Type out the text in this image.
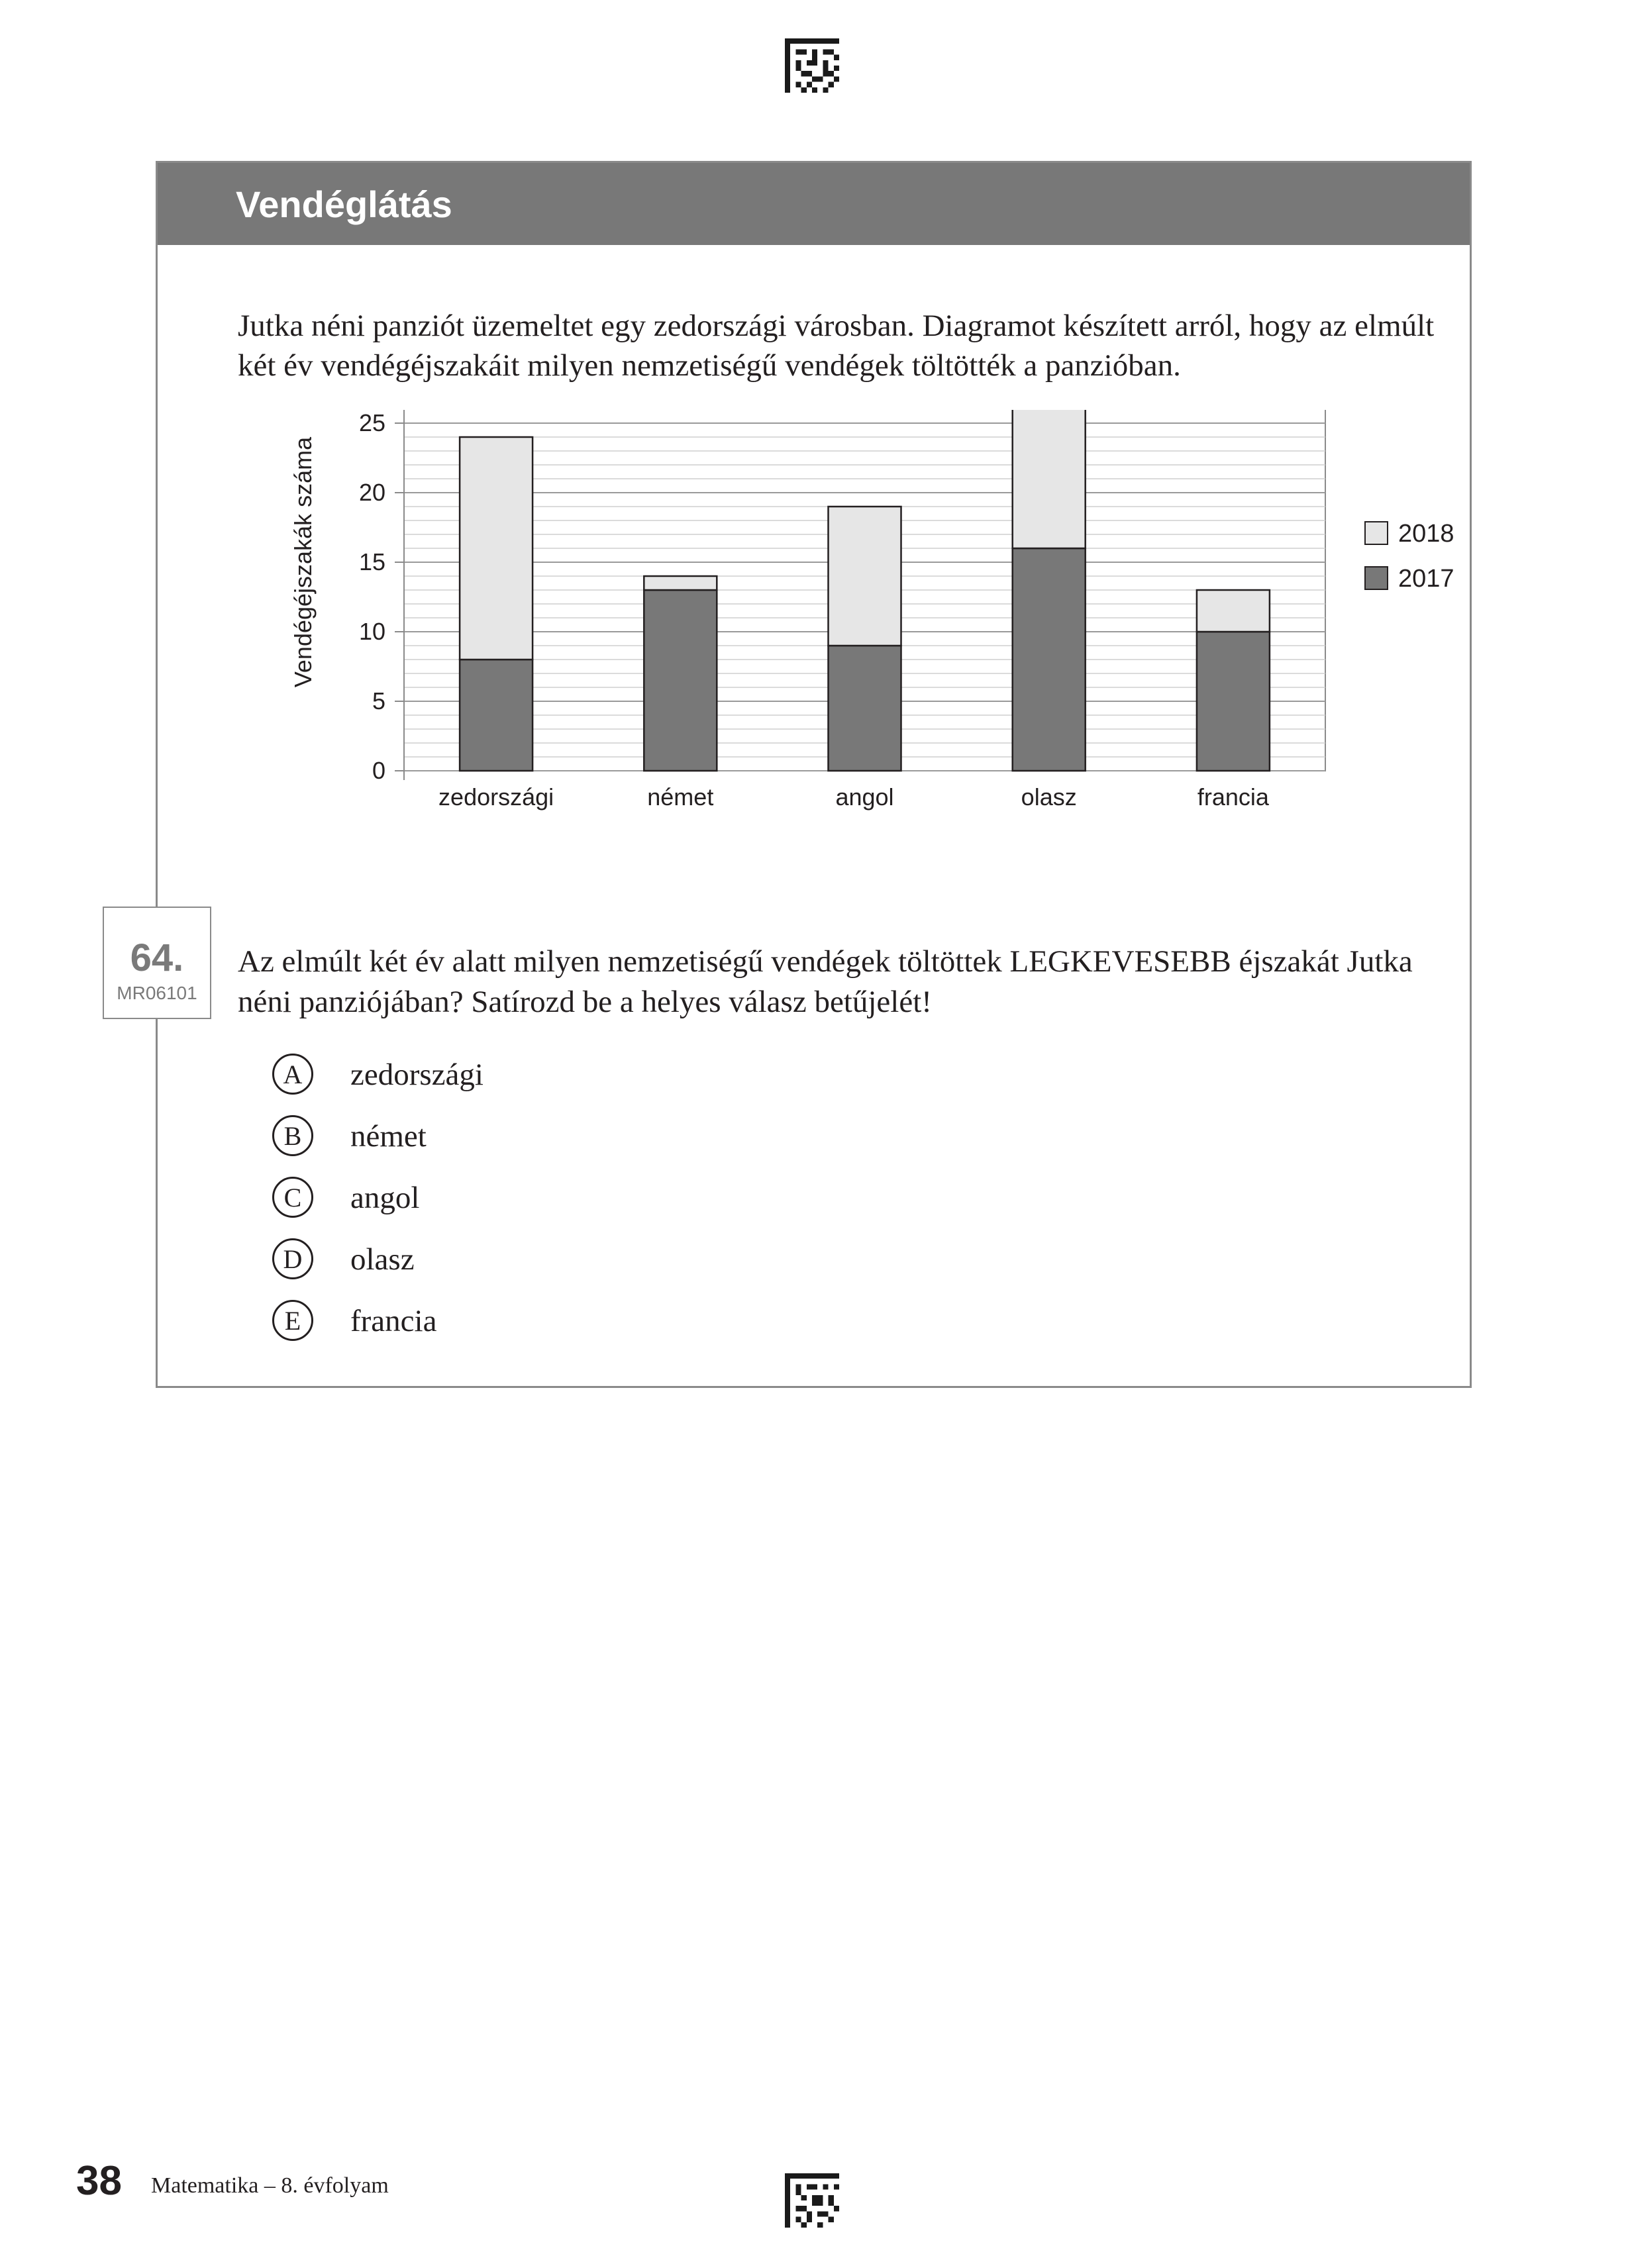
Vendéglátás
Jutka néni panziót üzemeltet egy zedországi városban. Diagramot készített arról, hogy az elmúlt két év vendégéjszakáit milyen nemzetiségű vendégek töltötték a panzióban.
0
5
10
15
20
25
Vendégéjszakák száma
zedországi	német	angol	olasz	francia
2018
2017
64.
MR06101
Az elmúlt két év alatt milyen nemzetiségű vendégek töltöttek LEGKEVESEBB éjszakát Jutka néni panziójában? Satírozd be a helyes válasz betűjelét!
A	zedországi
B	német
C	angol
D	olasz
E	francia
38 Matematika – 8. évfolyam
